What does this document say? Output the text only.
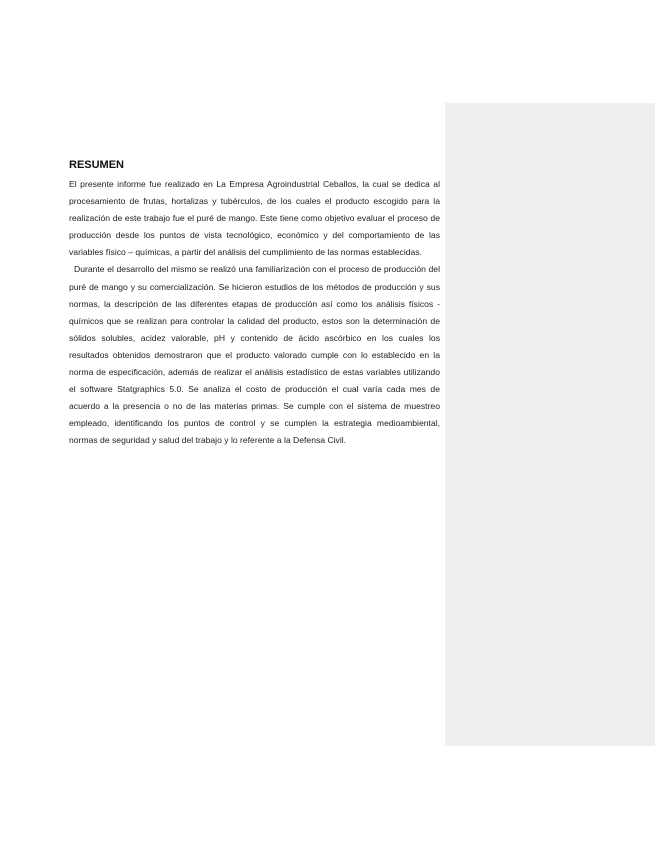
RESUMEN

El presente informe fue realizado en La Empresa Agroindustrial Ceballos, la cual se dedica al procesamiento de frutas, hortalizas y tubérculos, de los cuales el producto escogido para la realización de este trabajo fue el puré de mango. Este tiene como objetivo evaluar el proceso de producción desde los puntos de vista tecnológico, económico y del comportamiento de las variables físico – químicas, a partir del análisis del cumplimiento de las normas establecidas.

Durante el desarrollo del mismo se realizó una familiarización con el proceso de producción del puré de mango y su comercialización. Se hicieron estudios de los métodos de producción y sus normas, la descripción de las diferentes etapas de producción así como los análisis físicos - químicos que se realizan para controlar la calidad del producto, estos son la determinación de sólidos solubles, acidez valorable, pH y contenido de ácido ascórbico en los cuales los resultados obtenidos demostraron que el producto valorado cumple con lo establecido en la norma de especificación, además de realizar el análisis estadístico de estas variables utilizando el software Statgraphics 5.0. Se analiza el costo de producción el cual varía cada mes de acuerdo a la presencia o no de las materias primas. Se cumple con el sistema de muestreo empleado, identificando los puntos de control y se cumplen la estrategia medioambiental, normas de seguridad y salud del trabajo y lo referente a la Defensa Civil.
